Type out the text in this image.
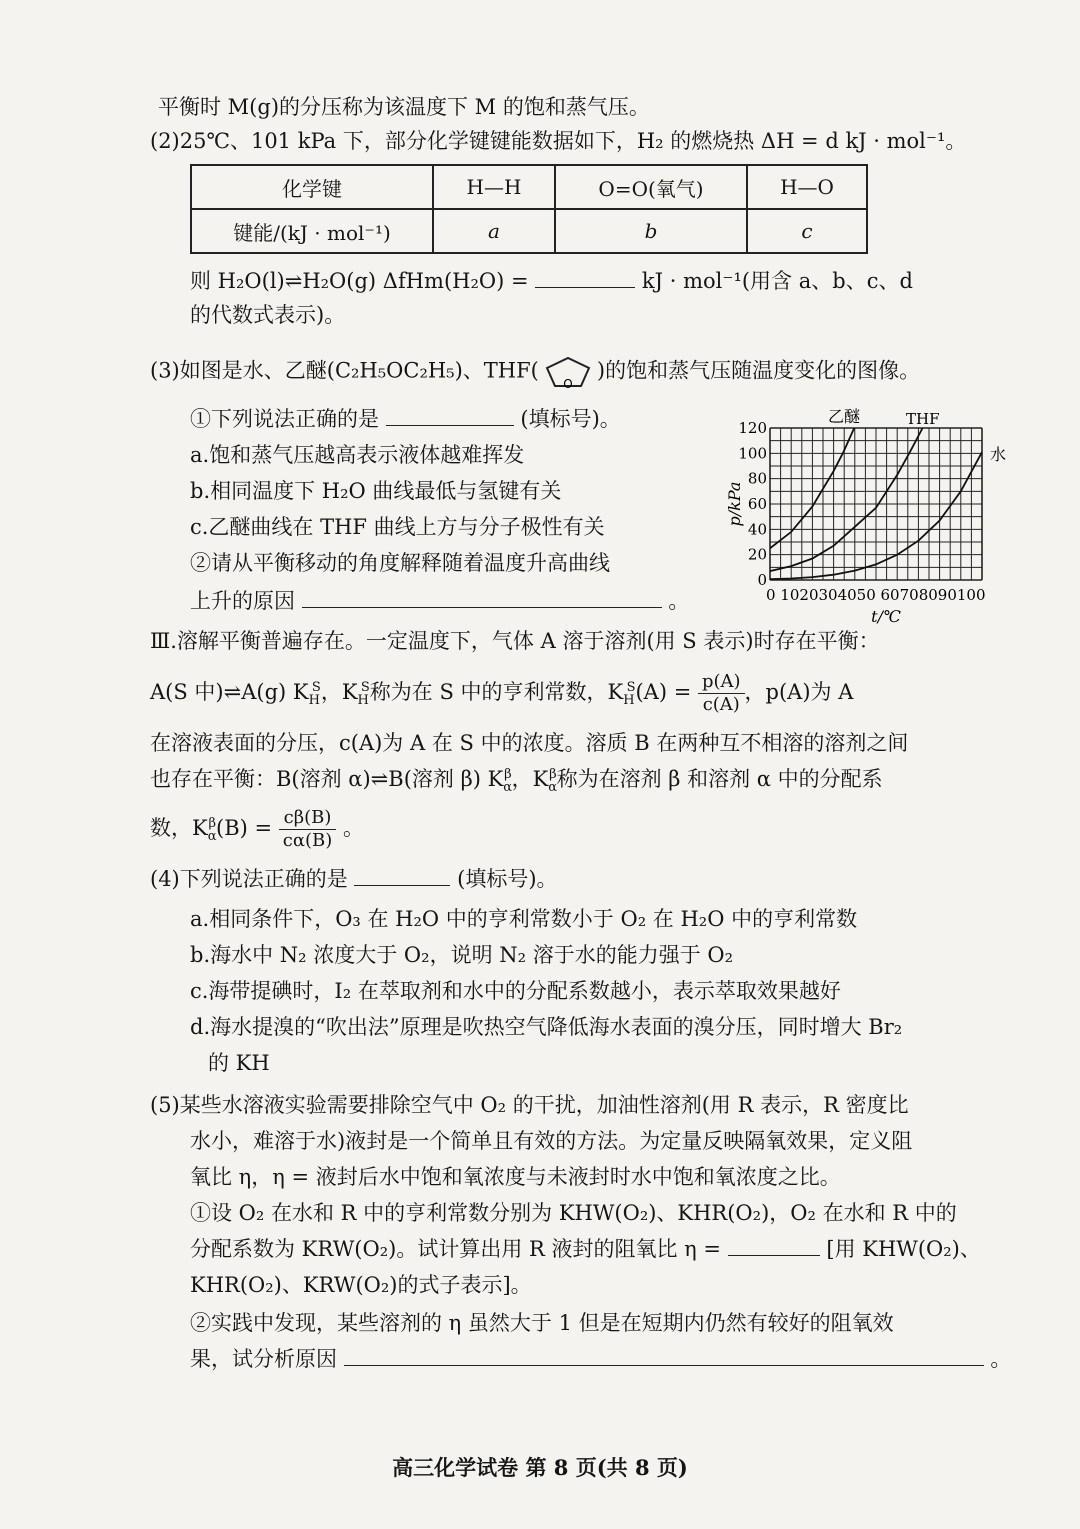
平衡时 M(g)的分压称为该温度下 M 的饱和蒸气压。
(2)25℃、101 kPa 下，部分化学键键能数据如下，H₂ 的燃烧热 ΔH = d kJ · mol⁻¹。
化学键	H—H	O=O(氧气)	H—O
键能/(kJ · mol⁻¹)	a	b	c
则 H₂O(l)⇌H₂O(g) ΔfHm(H₂O) =	kJ · mol⁻¹(用含 a、b、c、d
的代数式表示)。
(3)如图是水、乙醚(C₂H₅OC₂H₅)、THF(
O
)的饱和蒸气压随温度变化的图像。
①下列说法正确的是	(填标号)。
a.饱和蒸气压越高表示液体越难挥发
b.相同温度下 H₂O 曲线最低与氢键有关
c.乙醚曲线在 THF 曲线上方与分子极性有关
②请从平衡移动的角度解释随着温度升高曲线
上升的原因	。
0
20
40
60
80
100
120
0 1020304050 60708090100
p/kPa
t/℃
乙醚	THF
水
Ⅲ.溶解平衡普遍存在。一定温度下，气体 A 溶于溶剂(用 S 表示)时存在平衡：
A(S 中)⇌A(g) $K_H^S$，$K_H^S$称为在 S 中的亨利常数，$K_H^S(A) = \frac{p(A)}{c(A)}$ ，p(A)为 A
在溶液表面的分压，c(A)为 A 在 S 中的浓度。溶质 B 在两种互不相溶的溶剂之间
也存在平衡：B(溶剂 α)⇌B(溶剂 β) $K_\alpha^\beta$，$K_\alpha^\beta$称为在溶剂 β 和溶剂 α 中的分配系
数，$K_\alpha^\beta(B) = \frac{c\beta(B)}{c\alpha(B)}$ 。
(4)下列说法正确的是	(填标号)。
a.相同条件下，O₃ 在 H₂O 中的亨利常数小于 O₂ 在 H₂O 中的亨利常数
b.海水中 N₂ 浓度大于 O₂，说明 N₂ 溶于水的能力强于 O₂
c.海带提碘时，I₂ 在萃取剂和水中的分配系数越小，表示萃取效果越好
d.海水提溴的“吹出法”原理是吹热空气降低海水表面的溴分压，同时增大 Br₂
的 KH
(5)某些水溶液实验需要排除空气中 O₂ 的干扰，加油性溶剂(用 R 表示，R 密度比
水小，难溶于水)液封是一个简单且有效的方法。为定量反映隔氧效果，定义阻
氧比 η，η = 液封后水中饱和氧浓度与未液封时水中饱和氧浓度之比。
①设 O₂ 在水和 R 中的亨利常数分别为 KHW(O₂)、KHR(O₂)，O₂ 在水和 R 中的
分配系数为 KRW(O₂)。试计算出用 R 液封的阻氧比 η =	[用 KHW(O₂)、
KHR(O₂)、KRW(O₂)的式子表示]。
②实践中发现，某些溶剂的 η 虽然大于 1 但是在短期内仍然有较好的阻氧效
果，试分析原因	。
高三化学试卷 第 8 页(共 8 页)
